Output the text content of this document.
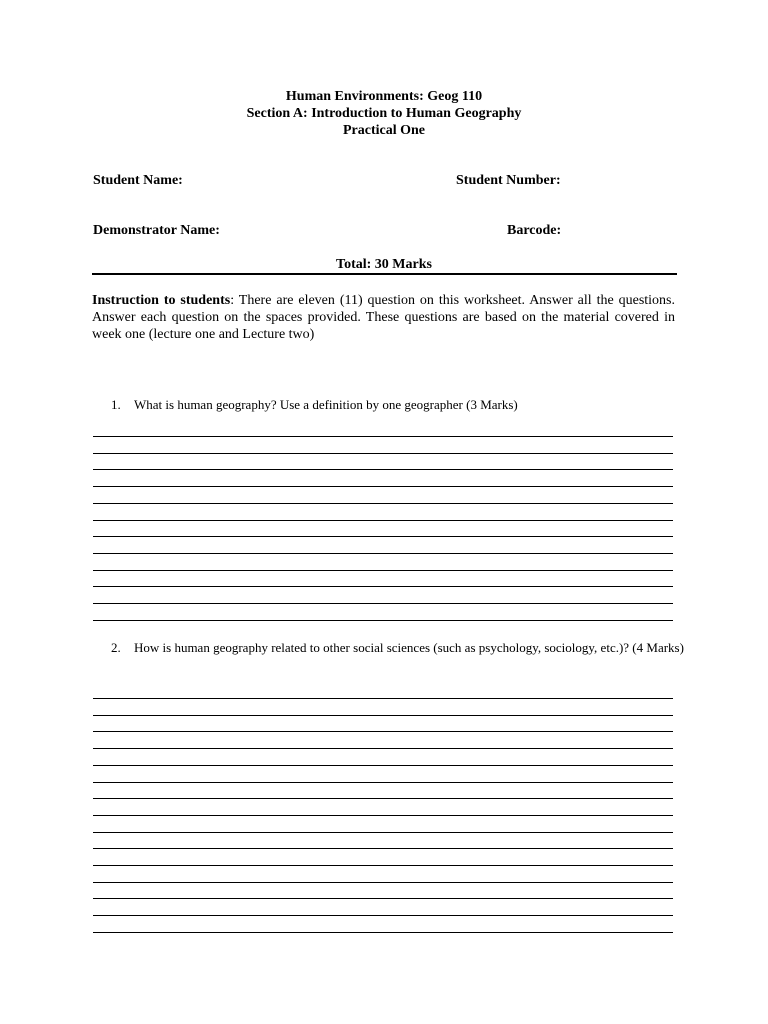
Human Environments: Geog 110
Section A: Introduction to Human Geography
Practical One
Student Name:	Student Number:
Demonstrator Name:	Barcode:
Total: 30 Marks
Instruction to students: There are eleven (11) question on this worksheet. Answer all the questions. Answer each question on the spaces provided. These questions are based on the material covered in week one (lecture one and Lecture two)
1.	What is human geography? Use a definition by one geographer (3 Marks)
2.	How is human geography related to other social sciences (such as psychology, sociology, etc.)? (4 Marks)
